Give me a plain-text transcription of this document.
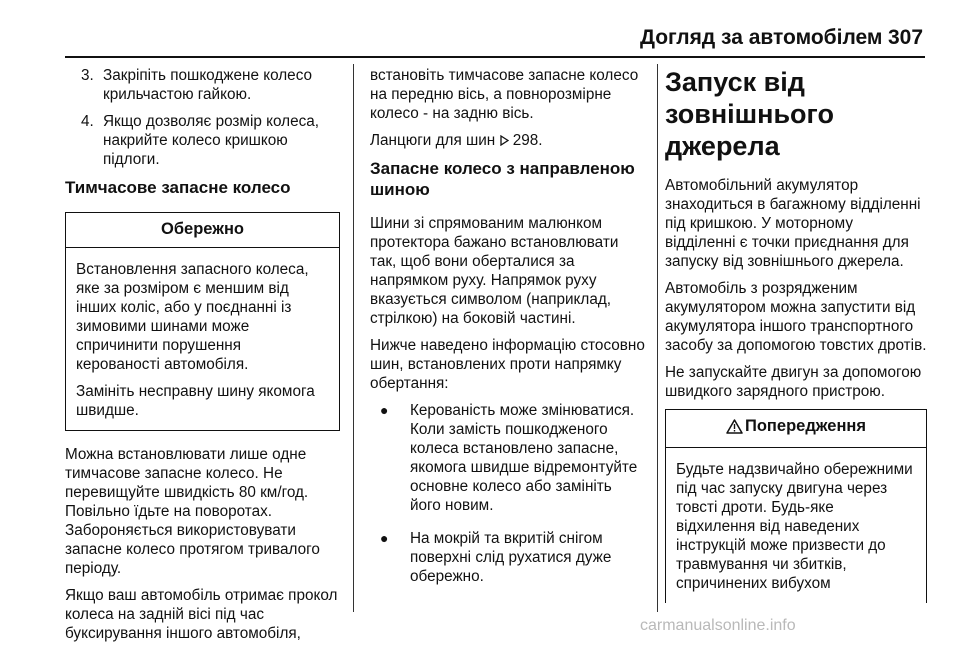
Догляд за автомобілем 307
3. Закріпіть пошкоджене колесо крильчастою гайкою.
4. Якщо дозволяє розмір колеса, накрийте колесо кришкою підлоги.
Тимчасове запасне колесо
Обережно

Встановлення запасного колеса, яке за розміром є меншим від інших коліс, або у поєднанні із зимовими шинами може спричинити порушення керованості автомобіля.

Замініть несправну шину якомога швидше.

Можна встановлювати лише одне тимчасове запасне колесо. Не перевищуйте швидкість 80 км/год. Повільно їдьте на поворотах. Забороняється використовувати запасне колесо протягом тривалого періоду.

Якщо ваш автомобіль отримає прокол колеса на задній вісі під час буксирування іншого автомобіля,

встановіть тимчасове запасне колесо на передню вісь, а повнорозмірне колесо - на задню вісь.

Ланцюги для шин 298.

Запасне колесо з направленою шиною

Шини зі спрямованим малюнком протектора бажано встановлювати так, щоб вони оберталися за напрямком руху. Напрямок руху вказується символом (наприклад, стрілкою) на боковій частині.

Нижче наведено інформацію стосовно шин, встановлених проти напрямку обертання:

●	Керованість може змінюватися. Коли замість пошкодженого колеса встановлено запасне, якомога швидше відремонтуйте основне колесо або замініть його новим.
●	На мокрій та вкритій снігом поверхні слід рухатися дуже обережно.
Запуск від зовнішнього джерела

Автомобільний акумулятор знаходиться в багажному відділенні під кришкою. У моторному відділенні є точки приєднання для запуску від зовнішнього джерела.

Автомобіль з розрядженим акумулятором можна запустити від акумулятора іншого транспортного засобу за допомогою товстих дротів.

Не запускайте двигун за допомогою швидкого зарядного пристрою.

Попередження

Будьте надзвичайно обережними під час запуску двигуна через товсті дроти. Будь-яке відхилення від наведених інструкцій може призвести до травмування чи збитків, спричинених вибухом

carmanualsonline.info
